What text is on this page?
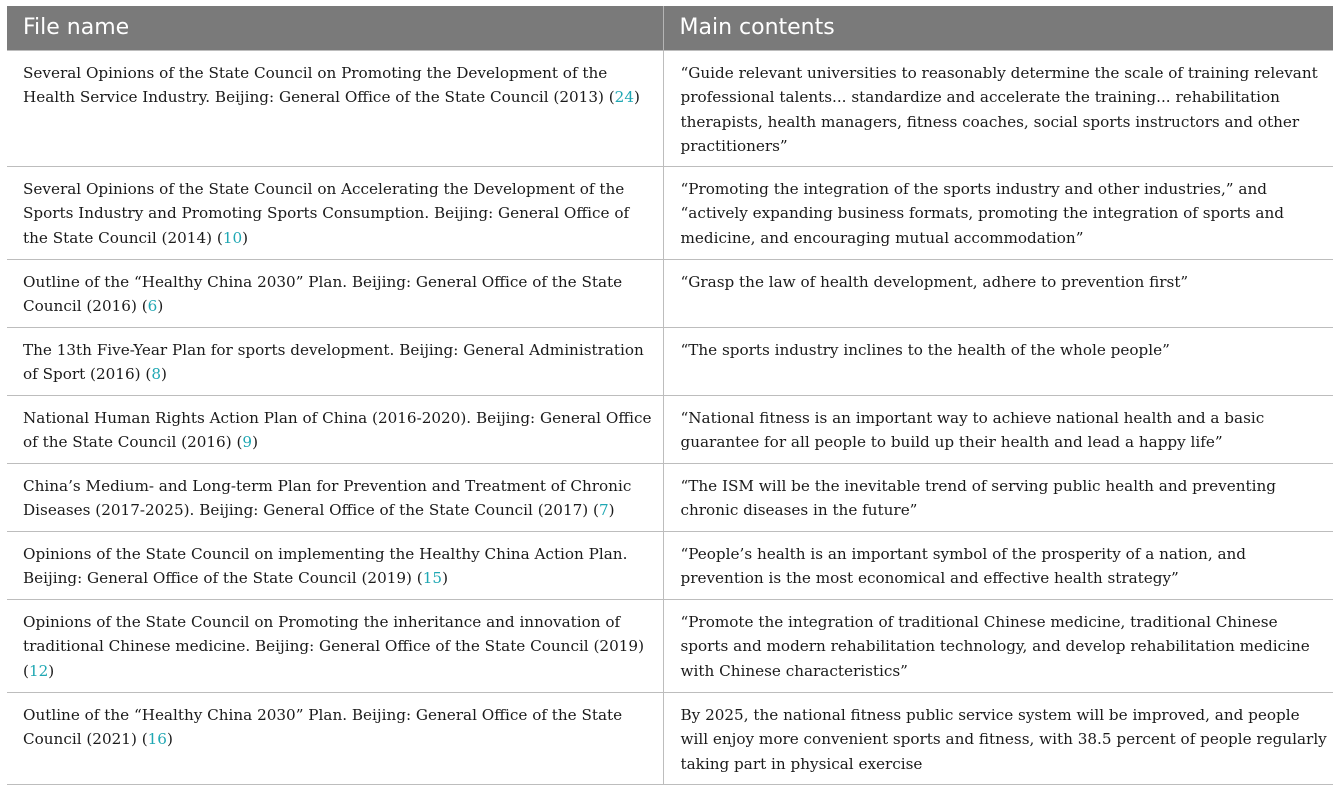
File name	Main contents
Several Opinions of the State Council on Promoting the Development of the Health Service Industry. Beijing: General Office of the State Council (2013) (24)	“Guide relevant universities to reasonably determine the scale of training relevant professional talents... standardize and accelerate the training... rehabilitation therapists, health managers, fitness coaches, social sports instructors and other practitioners”
Several Opinions of the State Council on Accelerating the Development of the Sports Industry and Promoting Sports Consumption. Beijing: General Office of the State Council (2014) (10)	“Promoting the integration of the sports industry and other industries,” and “actively expanding business formats, promoting the integration of sports and medicine, and encouraging mutual accommodation”
Outline of the “Healthy China 2030” Plan. Beijing: General Office of the State Council (2016) (6)	“Grasp the law of health development, adhere to prevention first”
The 13th Five-Year Plan for sports development. Beijing: General Administration of Sport (2016) (8)	“The sports industry inclines to the health of the whole people”
National Human Rights Action Plan of China (2016-2020). Beijing: General Office of the State Council (2016) (9)	“National fitness is an important way to achieve national health and a basic guarantee for all people to build up their health and lead a happy life”
China’s Medium- and Long-term Plan for Prevention and Treatment of Chronic Diseases (2017-2025). Beijing: General Office of the State Council (2017) (7)	“The ISM will be the inevitable trend of serving public health and preventing chronic diseases in the future”
Opinions of the State Council on implementing the Healthy China Action Plan. Beijing: General Office of the State Council (2019) (15)	“People’s health is an important symbol of the prosperity of a nation, and prevention is the most economical and effective health strategy”
Opinions of the State Council on Promoting the inheritance and innovation of traditional Chinese medicine. Beijing: General Office of the State Council (2019) (12)	“Promote the integration of traditional Chinese medicine, traditional Chinese sports and modern rehabilitation technology, and develop rehabilitation medicine with Chinese characteristics”
Outline of the “Healthy China 2030” Plan. Beijing: General Office of the State Council (2021) (16)	By 2025, the national fitness public service system will be improved, and people will enjoy more convenient sports and fitness, with 38.5 percent of people regularly taking part in physical exercise
